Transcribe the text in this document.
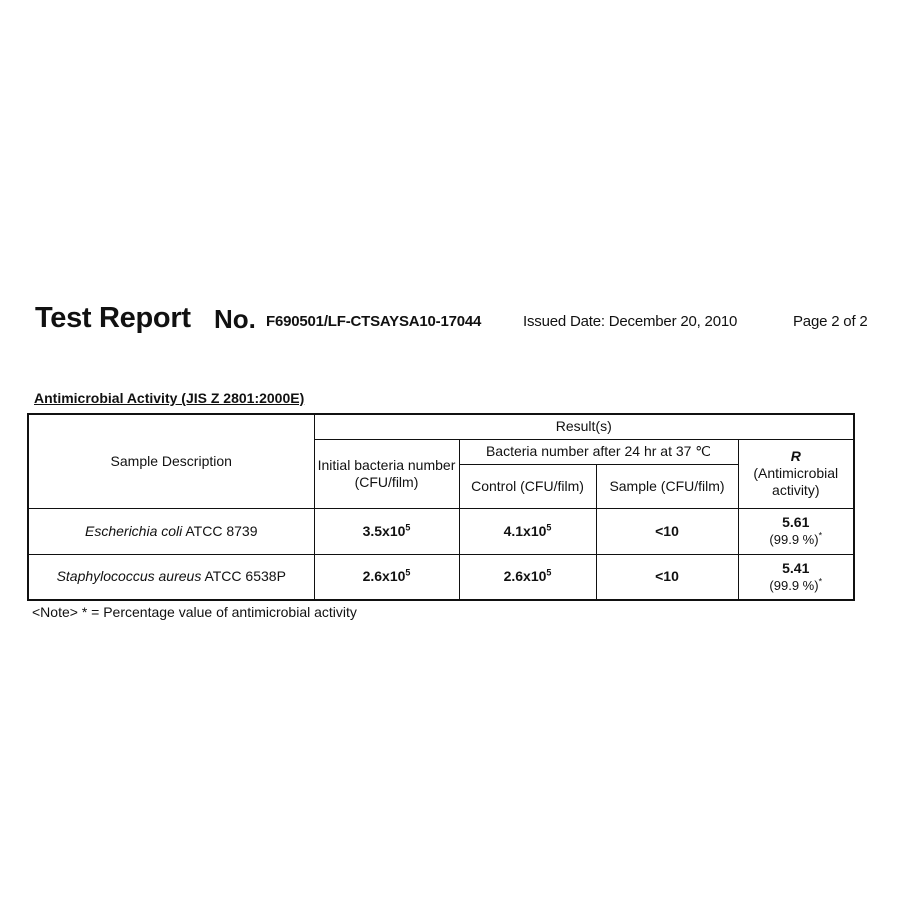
Test Report No. F690501/LF-CTSAYSA10-17044	Issued Date: December 20, 2010	Page 2 of 2
Antimicrobial Activity (JIS Z 2801:2000E)
Sample Description	Result(s)			
	Initial bacteria number (CFU/film)	Bacteria number after 24 hr at 37 ℃		R
(Antimicrobial activity)

		Control (CFU/film)	Sample (CFU/film)	
Escherichia coli ATCC 8739	$3.5x10^5$	$4.1x10^5$	<10	5.61
(99.9 %)*

Staphylococcus aureus ATCC 6538P	$2.6x10^5$	$2.6x10^5$	<10	5.41
(99.9 %)*
<Note> * = Percentage value of antimicrobial activity
